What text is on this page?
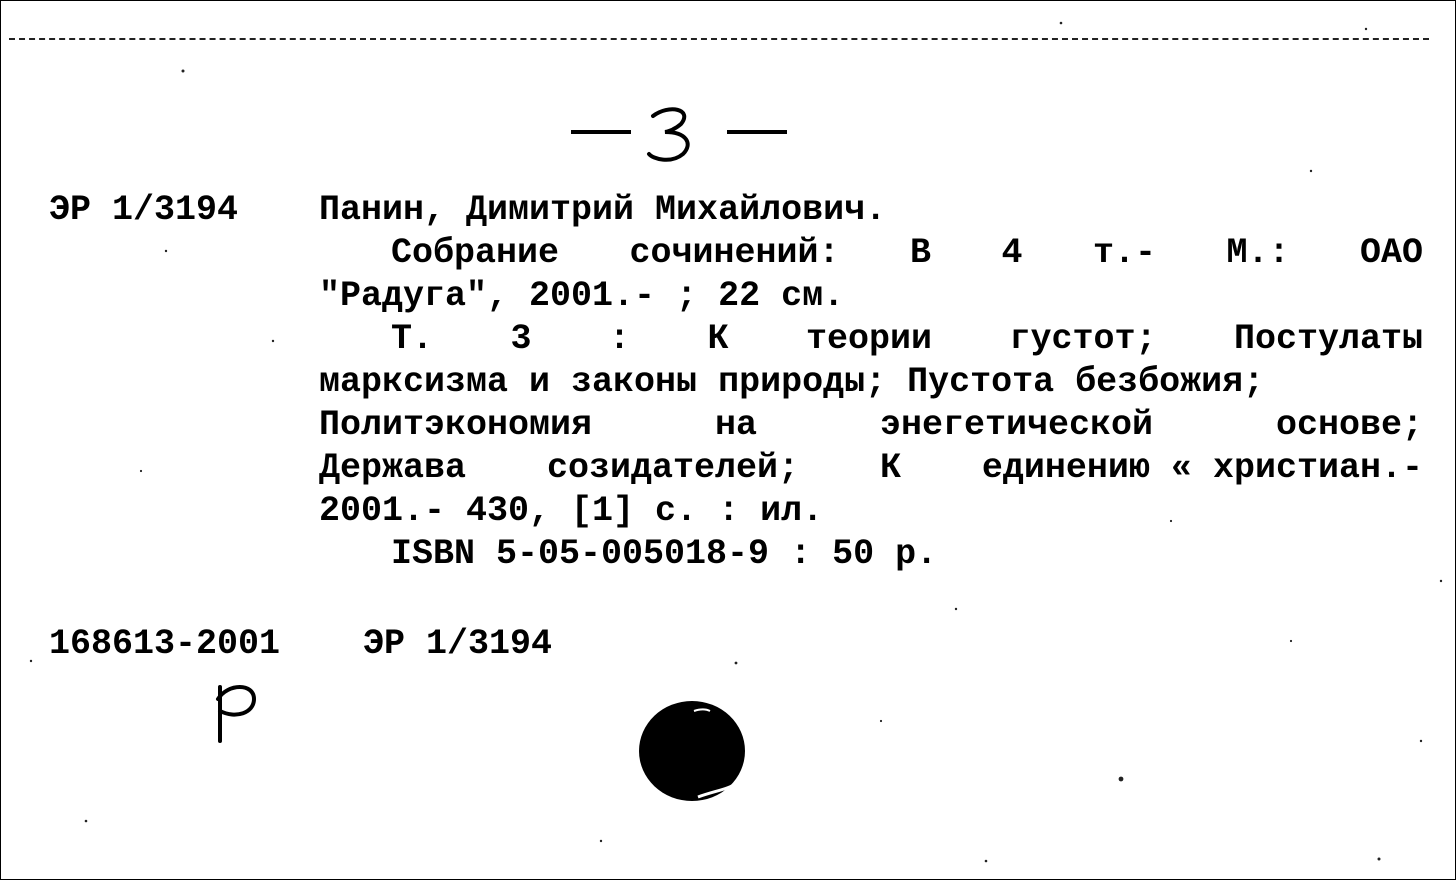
ЭР 1/3194 Панин, Димитрий Михайлович.
Собрание сочинений: В 4 т.- М.: ОАО
"Радуга", 2001.- ; 22 см.
Т. 3 : К теории густот; Постулаты
марксизма и законы природы; Пустота безбожия;
Политэкономия	на	энегетической	основе;
Держава созидателей; К единению « христиан.-
2001.- 430, [1] с. : ил.
ISBN 5-05-005018-9 : 50 р.
168613-2001 ЭР 1/3194
